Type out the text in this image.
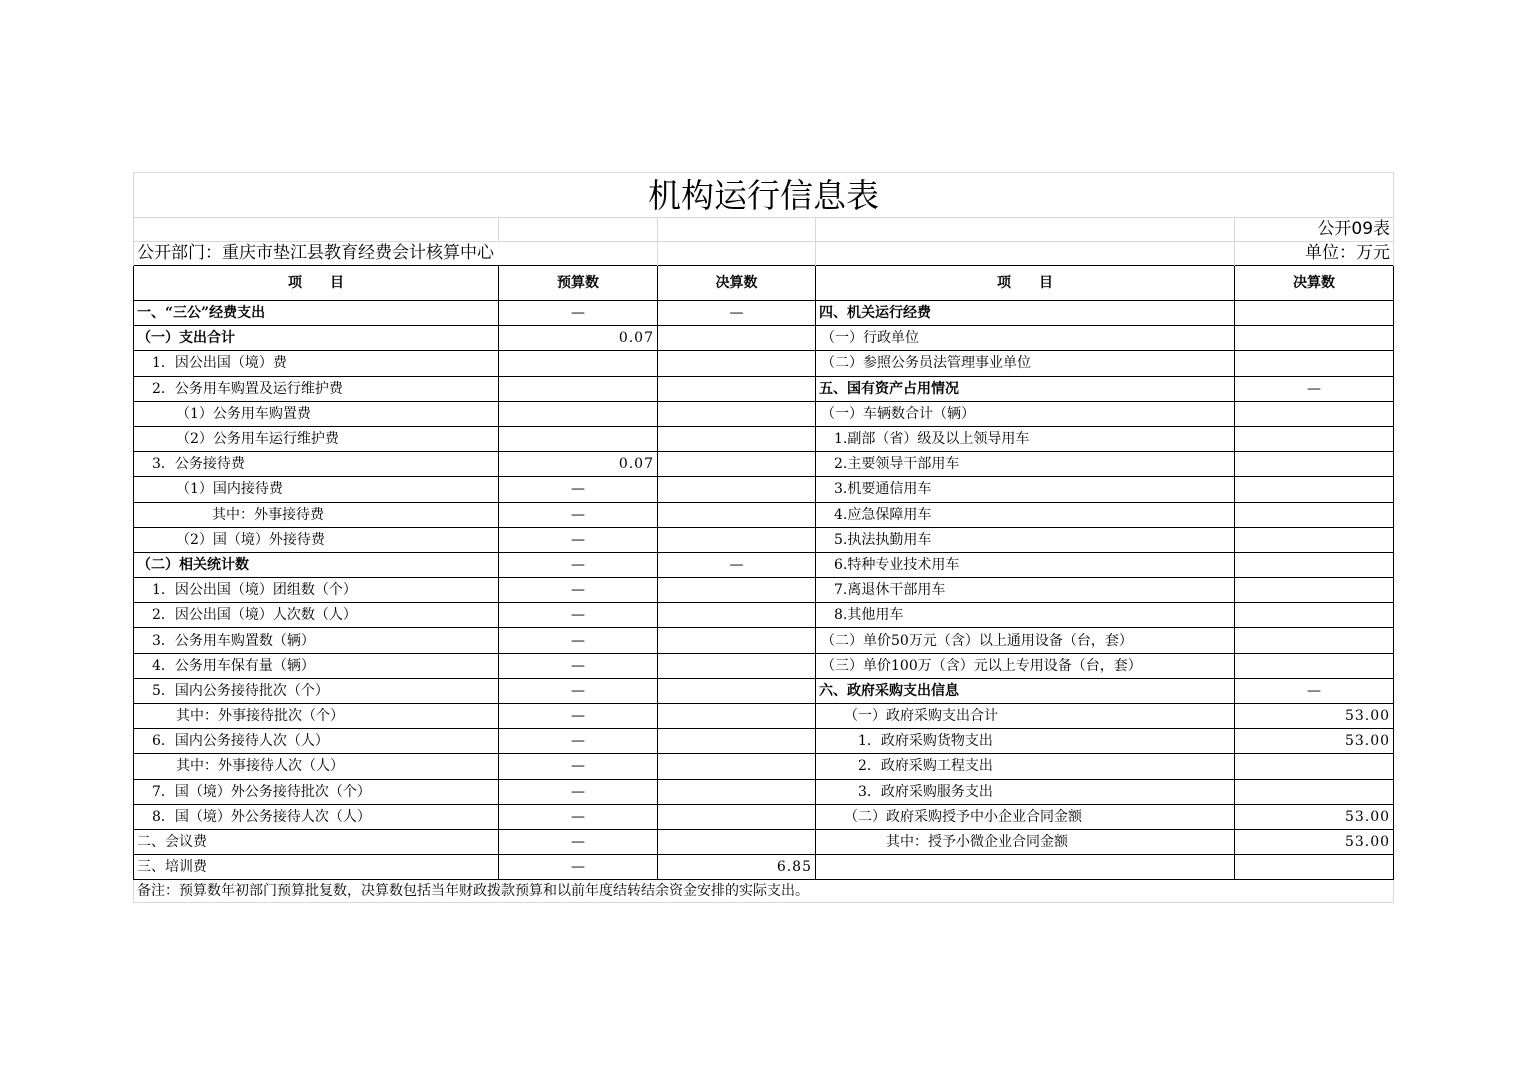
机构运行信息表				
				公开09表
公开部门：重庆市垫江县教育经费会计核算中心				单位：万元
项　　目	预算数	决算数	项　　目	决算数
一、“三公”经费支出	—	—	四、机关运行经费	
（一）支出合计	0.07		（一）行政单位	
1．因公出国（境）费			（二）参照公务员法管理事业单位	
2．公务用车购置及运行维护费			五、国有资产占用情况	—
（1）公务用车购置费			（一）车辆数合计（辆）	
（2）公务用车运行维护费			1.副部（省）级及以上领导用车	
3．公务接待费	0.07		2.主要领导干部用车	
（1）国内接待费	—		3.机要通信用车	
其中：外事接待费	—		4.应急保障用车	
（2）国（境）外接待费	—		5.执法执勤用车	
（二）相关统计数	—	—	6.特种专业技术用车	
1．因公出国（境）团组数（个）	—		7.离退休干部用车	
2．因公出国（境）人次数（人）	—		8.其他用车	
3．公务用车购置数（辆）	—		（二）单价50万元（含）以上通用设备（台，套）	
4．公务用车保有量（辆）	—		（三）单价100万（含）元以上专用设备（台，套）	
5．国内公务接待批次（个）	—		六、政府采购支出信息	—
其中：外事接待批次（个）	—		（一）政府采购支出合计	53.00
6．国内公务接待人次（人）	—		1．政府采购货物支出	53.00
其中：外事接待人次（人）	—		2．政府采购工程支出	
7．国（境）外公务接待批次（个）	—		3．政府采购服务支出	
8．国（境）外公务接待人次（人）	—		（二）政府采购授予中小企业合同金额	53.00
二、会议费	—		其中：授予小微企业合同金额	53.00
三、培训费	—	6.85		
备注：预算数年初部门预算批复数，决算数包括当年财政拨款预算和以前年度结转结余资金安排的实际支出。				
